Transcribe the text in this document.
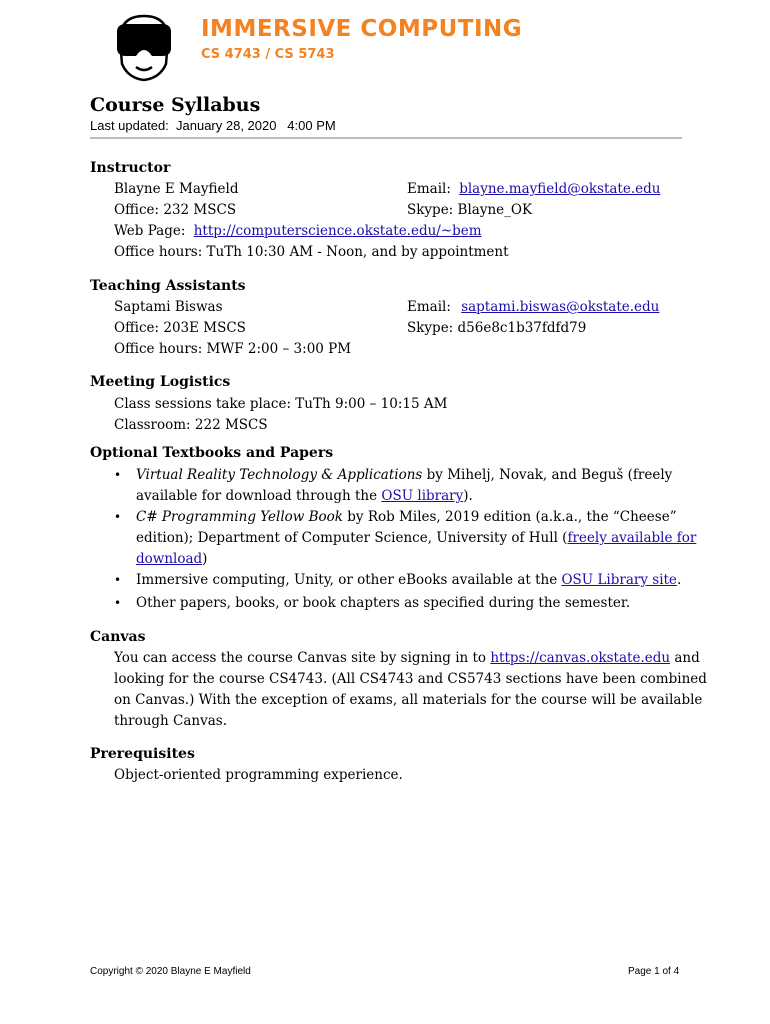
IMMERSIVE COMPUTING
CS 4743 / CS 5743
Course Syllabus
Last updated:  January 28, 2020   4:00 PM
Instructor
Blayne E Mayfield	Email: blayne.mayfield@okstate.edu
Office: 232 MSCS	Skype: Blayne_OK
Web Page: http://computerscience.okstate.edu/~bem
Office hours: TuTh 10:30 AM - Noon, and by appointment
Teaching Assistants
Saptami Biswas	Email: saptami.biswas@okstate.edu
Office: 203E MSCS	Skype: d56e8c1b37fdfd79
Office hours: MWF 2:00 – 3:00 PM
Meeting Logistics
Class sessions take place: TuTh 9:00 – 10:15 AM
Classroom: 222 MSCS
Optional Textbooks and Papers
• Virtual Reality Technology & Applications by Mihelj, Novak, and Beguš (freely
available for download through the OSU library).
• C# Programming Yellow Book by Rob Miles, 2019 edition (a.k.a., the “Cheese”
edition); Department of Computer Science, University of Hull (freely available for
download)
• Immersive computing, Unity, or other eBooks available at the OSU Library site.
• Other papers, books, or book chapters as specified during the semester.
Canvas
You can access the course Canvas site by signing in to https://canvas.okstate.edu and
looking for the course CS4743. (All CS4743 and CS5743 sections have been combined
on Canvas.) With the exception of exams, all materials for the course will be available
through Canvas.
Prerequisites
Object-oriented programming experience.
Copyright © 2020 Blayne E Mayfield	Page 1 of 4
